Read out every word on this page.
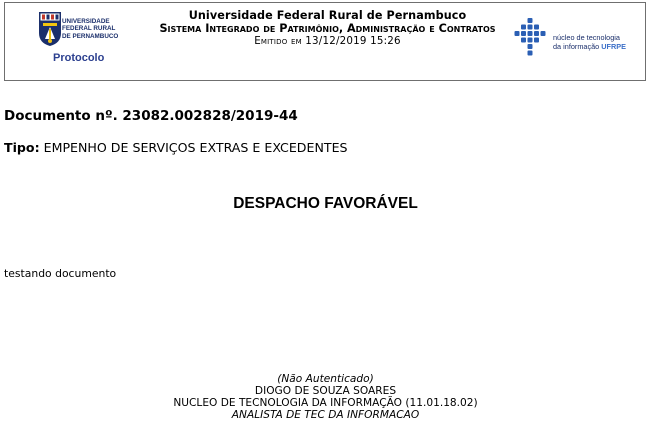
UNIVERSIDADE
FEDERAL RURAL
DE PERNAMBUCO
Protocolo
Universidade Federal Rural de Pernambuco
Sistema Integrado de Patrimônio, Administração e Contratos
Emitido em 13/12/2019 15:26	núcleo de tecnologia
da informação UFRPE
Documento nº. 23082.002828/2019-44
Tipo: EMPENHO DE SERVIÇOS EXTRAS E EXCEDENTES
DESPACHO FAVORÁVEL
testando documento
(Não Autenticado)
DIOGO DE SOUZA SOARES
NUCLEO DE TECNOLOGIA DA INFORMAÇÃO (11.01.18.02)
ANALISTA DE TEC DA INFORMACAO
